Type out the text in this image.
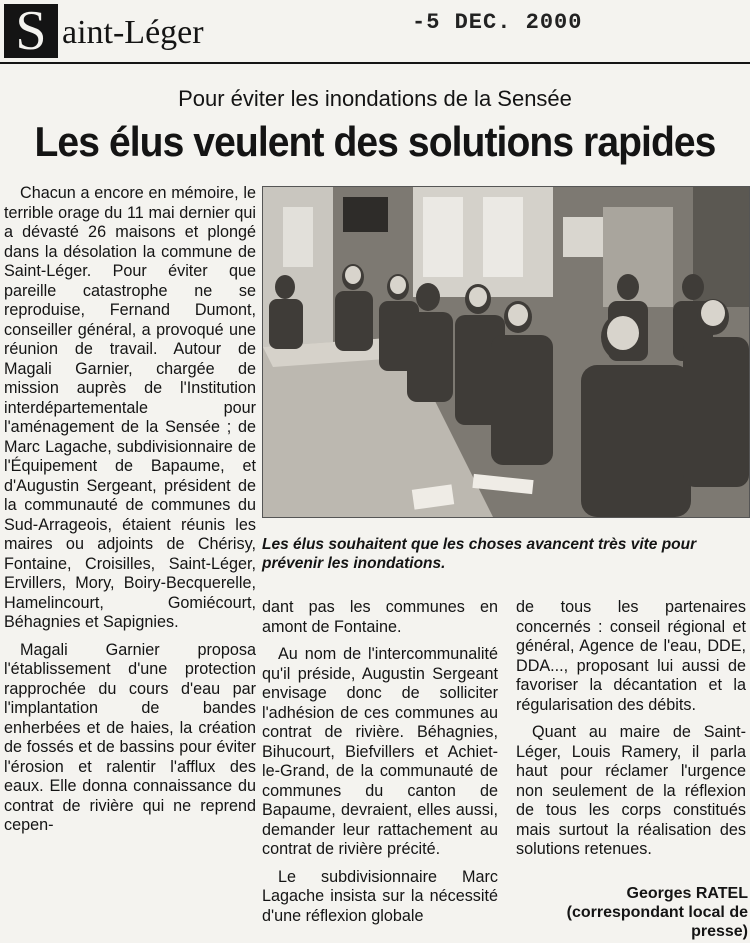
S aint-Léger	‑5 DEC. 2000
Pour éviter les inondations de la Sensée
Les élus veulent des solutions rapides

Chacun a encore en mémoire, le terrible orage du 11 mai dernier qui a dévasté 26 maisons et plongé dans la désolation la commune de Saint-Léger. Pour éviter que pareille catastrophe ne se reproduise, Fernand Dumont, conseiller général, a provoqué une réunion de travail. Autour de Magali Garnier, chargée de mission auprès de l'Institution interdépartementale pour l'aménagement de la Sensée ; de Marc Lagache, subdivisionnaire de l'Équipement de Bapaume, et d'Augustin Sergeant, président de la communauté de communes du Sud-Arrageois, étaient réunis les maires ou adjoints de Chérisy, Fontaine, Croisilles, Saint-Léger, Ervillers, Mory, Boiry-Becquerelle, Hamelincourt, Gomiécourt, Béhagnies et Sapignies.

Magali Garnier proposa l'établissement d'une protection rapprochée du cours d'eau par l'implantation de bandes enherbées et de haies, la création de fossés et de bassins pour éviter l'érosion et ralentir l'afflux des eaux. Elle donna connaissance du contrat de rivière qui ne reprend cepen-

Les élus souhaitent que les choses avancent très vite pour prévenir les inondations.

dant pas les communes en amont de Fontaine.

Au nom de l'intercommunalité qu'il préside, Augustin Sergeant envisage donc de solliciter l'adhésion de ces communes au contrat de rivière. Béhagnies, Bihucourt, Biefvillers et Achiet-le-Grand, de la communauté de communes du canton de Bapaume, devraient, elles aussi, demander leur rattachement au contrat de rivière précité.

Le subdivisionnaire Marc Lagache insista sur la nécessité d'une réflexion globale

de tous les partenaires concernés : conseil régional et général, Agence de l'eau, DDE, DDA..., proposant lui aussi de favoriser la décantation et la régularisation des débits.

Quant au maire de Saint-Léger, Louis Ramery, il parla haut pour réclamer l'urgence non seulement de la réflexion de tous les corps constitués mais surtout la réalisation des solutions retenues.

Georges RATEL
(correspondant local de presse)
